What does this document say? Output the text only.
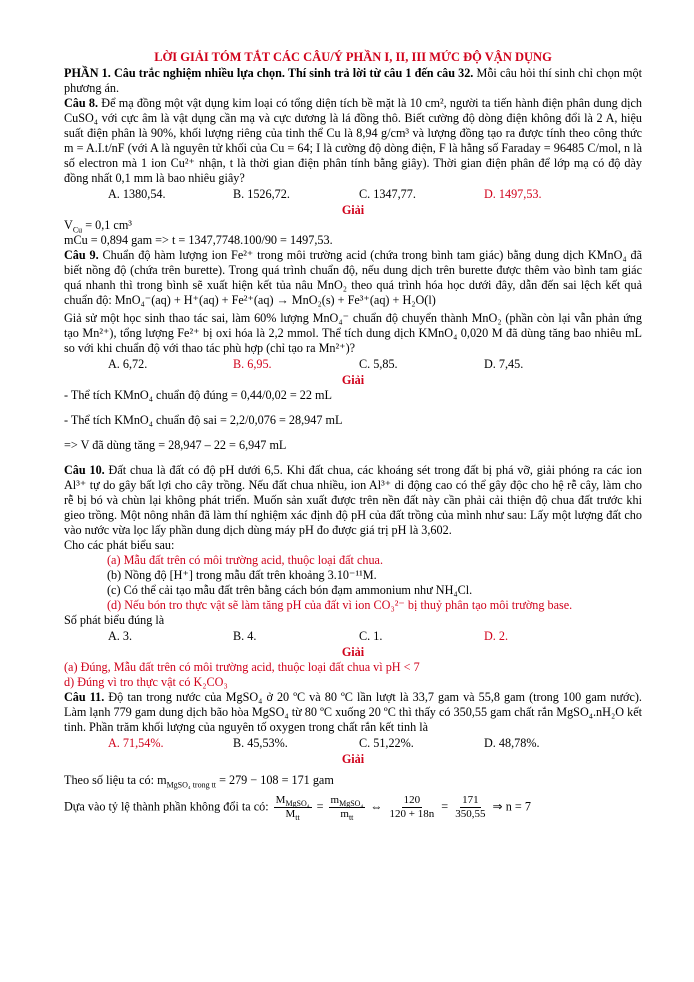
LỜI GIẢI TÓM TẮT CÁC CÂU/Ý PHẦN I, II, III MỨC ĐỘ VẬN DỤNG

PHẦN 1. Câu trắc nghiệm nhiều lựa chọn. Thí sinh trả lời từ câu 1 đến câu 32. Mỗi câu hỏi thí sinh chỉ chọn một phương án.

Câu 8. Để mạ đồng một vật dụng kim loại có tổng diện tích bề mặt là 10 cm², người ta tiến hành điện phân dung dịch CuSO₄ với cực âm là vật dụng cần mạ và cực dương là lá đồng thô. Biết cường độ dòng điện không đổi là 2 A, hiệu suất điện phân là 90%, khối lượng riêng của tinh thể Cu là 8,94 g/cm³ và lượng đồng tạo ra được tính theo công thức m = A.I.t/nF (với A là nguyên tử khối của Cu = 64; I là cường độ dòng điện, F là hằng số Faraday = 96485 C/mol, n là số electron mà 1 ion Cu²⁺ nhận, t là thời gian điện phân tính bằng giây). Thời gian điện phân để lớp mạ có độ dày đồng nhất 0,1 mm là bao nhiêu giây?

A. 1380,54.	B. 1526,72.	C. 1347,77.	D. 1497,53.
Giải

$V_{Cu} = 0,1$ cm³

mCu = 0,894 gam => t = 1347,7748.100/90 = 1497,53.

Câu 9. Chuẩn độ hàm lượng ion Fe²⁺ trong môi trường acid (chứa trong bình tam giác) bằng dung dịch KMnO₄ đã biết nồng độ (chứa trên burette). Trong quá trình chuẩn độ, nếu dung dịch trên burette được thêm vào bình tam giác quá nhanh thì trong bình sẽ xuất hiện kết tủa nâu MnO₂ theo quá trình hóa học dưới đây, dẫn đến sai lệch kết quả chuẩn độ: MnO₄⁻(aq) + H⁺(aq) + Fe²⁺(aq) → MnO₂(s) + Fe³⁺(aq) + H₂O(l)

Giả sử một học sinh thao tác sai, làm 60% lượng MnO₄⁻ chuẩn độ chuyển thành MnO₂ (phần còn lại vẫn phản ứng tạo Mn²⁺), tổng lượng Fe²⁺ bị oxi hóa là 2,2 mmol. Thể tích dung dịch KMnO₄ 0,020 M đã dùng tăng bao nhiêu mL so với khi chuẩn độ với thao tác phù hợp (chỉ tạo ra Mn²⁺)?

A. 6,72.	B. 6,95.	C. 5,85.	D. 7,45.
Giải

- Thể tích KMnO₄ chuẩn độ đúng = 0,44/0,02 = 22 mL

- Thể tích KMnO₄ chuẩn độ sai = 2,2/0,076 = 28,947 mL

=> V đã dùng tăng = 28,947 – 22 = 6,947 mL

Câu 10. Đất chua là đất có độ pH dưới 6,5. Khi đất chua, các khoáng sét trong đất bị phá vỡ, giải phóng ra các ion Al³⁺ tự do gây bất lợi cho cây trồng. Nếu đất chua nhiều, ion Al³⁺ di động cao có thể gây độc cho hệ rễ cây, làm cho rễ bị bó và chùn lại không phát triển. Muốn sản xuất được trên nền đất này cần phải cải thiện độ chua đất trước khi gieo trồng. Một nông nhân đã làm thí nghiệm xác định độ pH của đất trồng của mình như sau: Lấy một lượng đất cho vào nước vừa lọc lấy phần dung dịch dùng máy pH đo được giá trị pH là 3,602.

Cho các phát biểu sau:

(a) Mẫu đất trên có môi trường acid, thuộc loại đất chua.

(b) Nồng độ [H⁺] trong mẫu đất trên khoảng 3.10⁻¹¹M.

(c) Có thể cải tạo mẫu đất trên bằng cách bón đạm ammonium như NH₄Cl.

(d) Nếu bón tro thực vật sẽ làm tăng pH của đất vì ion CO₃²⁻ bị thuỷ phân tạo môi trường base.

Số phát biểu đúng là

A. 3.	B. 4.	C. 1.	D. 2.
Giải

(a) Đúng, Mẫu đất trên có môi trường acid, thuộc loại đất chua vì pH < 7

d) Đúng vì tro thực vật có K₂CO₃

Câu 11. Độ tan trong nước của MgSO₄ ở 20 ºC và 80 ºC lần lượt là 33,7 gam và 55,8 gam (trong 100 gam nước). Làm lạnh 779 gam dung dịch bão hòa MgSO₄ từ 80 ºC xuống 20 ºC thì thấy có 350,55 gam chất rắn MgSO₄.nH₂O kết tinh. Phần trăm khối lượng của nguyên tố oxygen trong chất rắn kết tinh là

A. 71,54%.	B. 45,53%.	C. 51,22%.	D. 48,78%.
Giải

Theo số liệu ta có: $m_{MgSO_4 trong tt} = 279 - 108 = 171$ gam

Dựa vào tỷ lệ thành phần không đổi ta có: $\frac{M_{MgSO_4}}{M_{tt}} = \frac{m_{MgSO_4}}{m_{tt}}$ ⇔ $\frac{120}{120 + 18n} = \frac{171}{350,55}$ ⇒ n = 7
